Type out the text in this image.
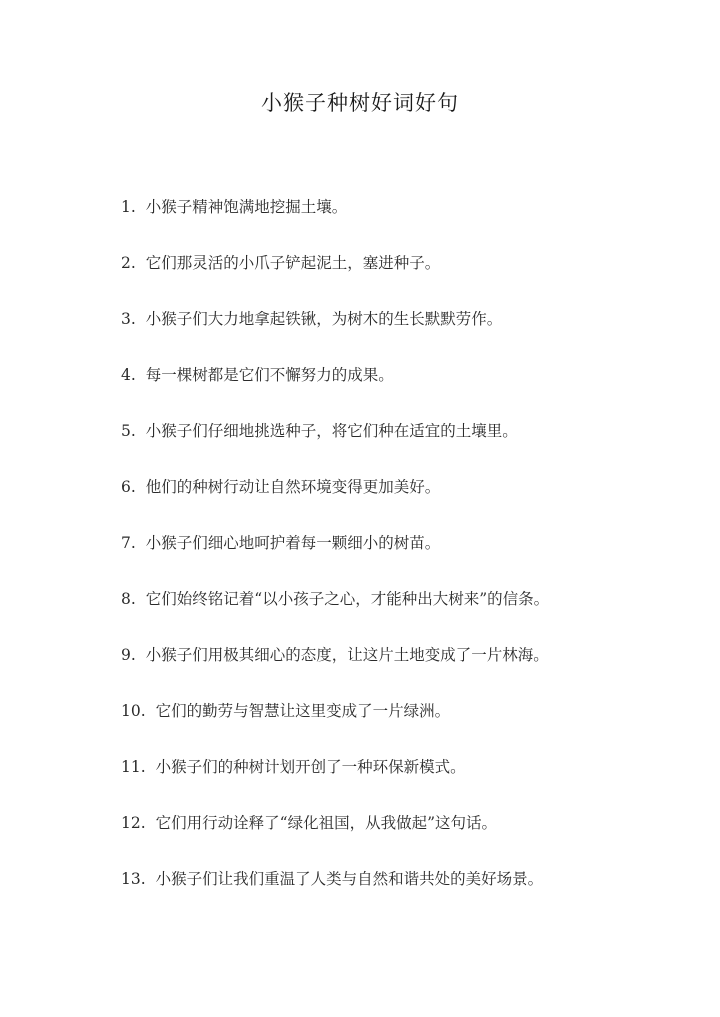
小猴子种树好词好句
1. 小猴子精神饱满地挖掘土壤。
2. 它们那灵活的小爪子铲起泥土，塞进种子。
3. 小猴子们大力地拿起铁锹，为树木的生长默默劳作。
4. 每一棵树都是它们不懈努力的成果。
5. 小猴子们仔细地挑选种子，将它们种在适宜的土壤里。
6. 他们的种树行动让自然环境变得更加美好。
7. 小猴子们细心地呵护着每一颗细小的树苗。
8. 它们始终铭记着“以小孩子之心，才能种出大树来”的信条。
9. 小猴子们用极其细心的态度，让这片土地变成了一片林海。
10. 它们的勤劳与智慧让这里变成了一片绿洲。
11. 小猴子们的种树计划开创了一种环保新模式。
12. 它们用行动诠释了“绿化祖国，从我做起”这句话。
13. 小猴子们让我们重温了人类与自然和谐共处的美好场景。
